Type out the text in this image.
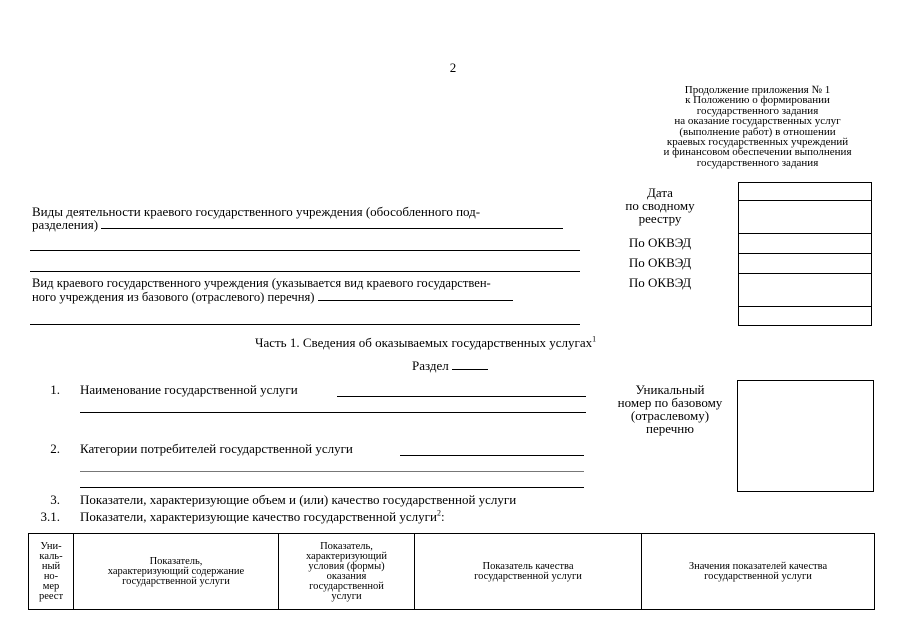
2
Продолжение приложения № 1
к Положению о формировании
государственного задания
на оказание государственных услуг
(выполнение работ) в отношении
краевых государственных учреждений
и финансовом обеспечении выполнения
государственного задания
Дата
по сводному
реестру
По ОКВЭД
По ОКВЭД
По ОКВЭД
Виды деятельности краевого государственного учреждения (обособленного под-
разделения)
Вид краевого государственного учреждения (указывается вид краевого государствен-
ного учреждения из базового (отраслевого) перечня)
Часть 1. Сведения об оказываемых государственных услугах$^1$
Раздел
1. Наименование государственной услуги	Уникальный
номер по базовому
(отраслевому)
перечню
2. Категории потребителей государственной услуги
3. Показатели, характеризующие объем и (или) качество государственной услуги
3.1. Показатели, характеризующие качество государственной услуги$^2$:
Уни-
каль-
ный
но-
мер
реест

Показатель,
характеризующий содержание
государственной услуги

Показатель,
характеризующий
условия (формы)
оказания
государственной
услуги

Показатель качества
государственной услуги

Значения показателей качества
государственной услуги
